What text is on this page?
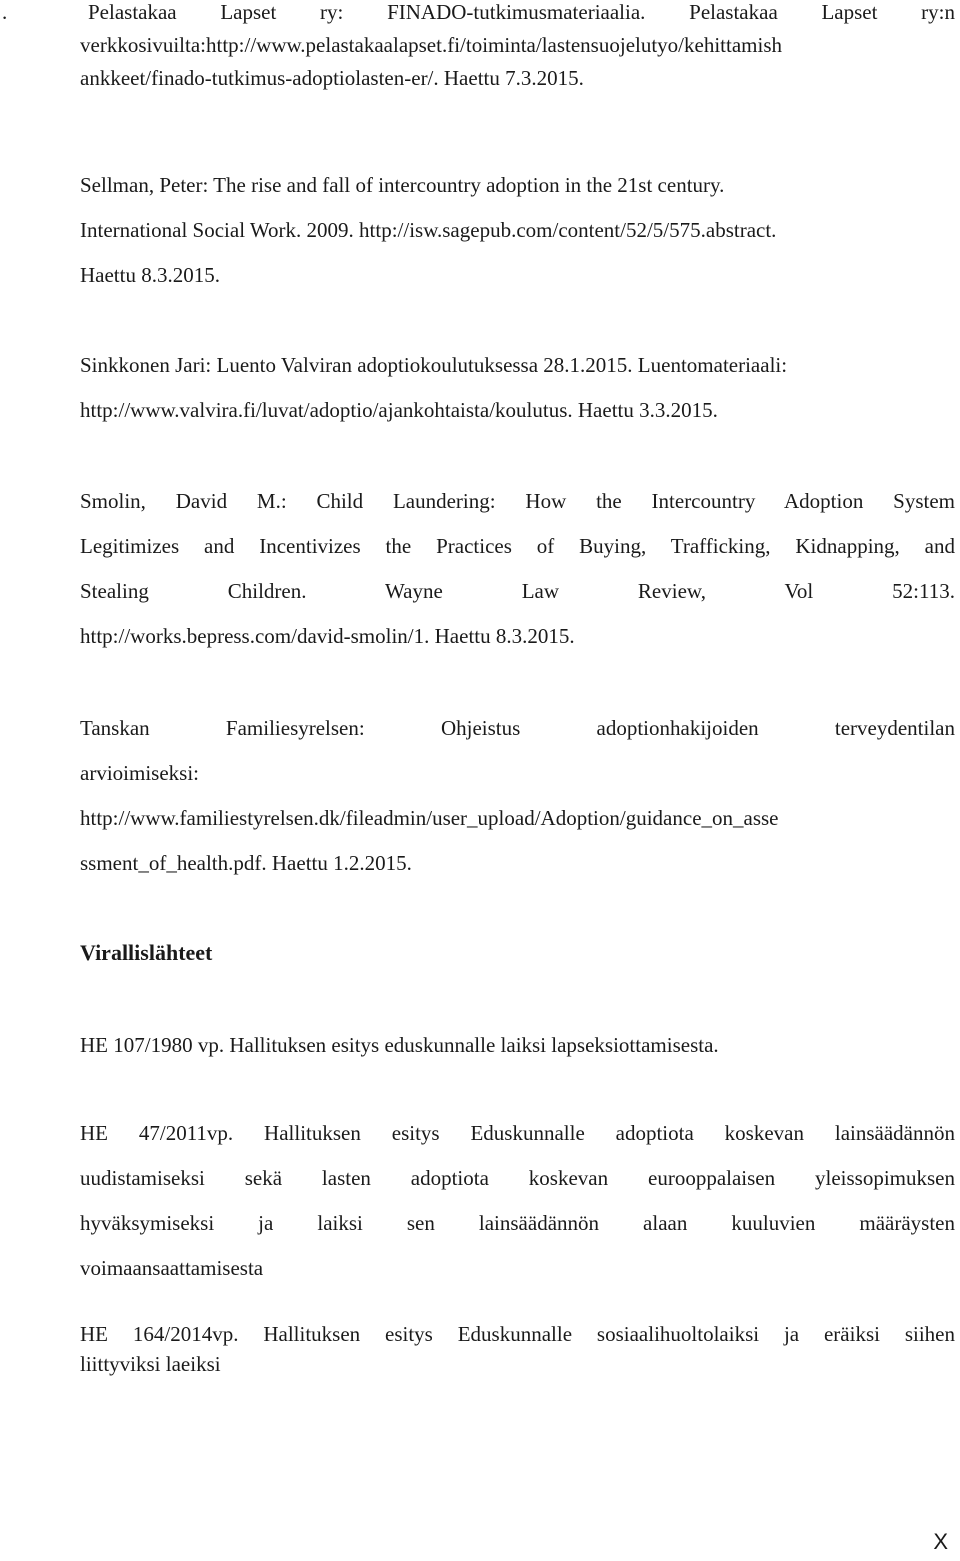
.	Pelastakaa Lapset ry: FINADO-tutkimusmateriaalia. Pelastakaa Lapset ry:n
verkkosivuilta:http://www.pelastakaalapset.fi/toiminta/lastensuojelutyo/kehittamish
ankkeet/finado-tutkimus-adoptiolasten-er/. Haettu 7.3.2015.
Sellman, Peter: The rise and fall of intercountry adoption in the 21st century.
International Social Work. 2009. http://isw.sagepub.com/content/52/5/575.abstract.
Haettu 8.3.2015.
Sinkkonen Jari: Luento Valviran adoptiokoulutuksessa 28.1.2015. Luentomateriaali:
http://www.valvira.fi/luvat/adoptio/ajankohtaista/koulutus. Haettu 3.3.2015.
Smolin, David M.: Child Laundering: How the Intercountry Adoption System
Legitimizes and Incentivizes the Practices of Buying, Trafficking, Kidnapping, and
Stealing Children. Wayne Law Review, Vol 52:113.
http://works.bepress.com/david-smolin/1. Haettu 8.3.2015.
Tanskan Familiesyrelsen: Ohjeistus adoptionhakijoiden terveydentilan
arvioimiseksi:
http://www.familiestyrelsen.dk/fileadmin/user_upload/Adoption/guidance_on_asse
ssment_of_health.pdf. Haettu 1.2.2015.
Virallislähteet
HE 107/1980 vp. Hallituksen esitys eduskunnalle laiksi lapseksiottamisesta.
HE 47/2011vp. Hallituksen esitys Eduskunnalle adoptiota koskevan lainsäädännön
uudistamiseksi sekä lasten adoptiota koskevan eurooppalaisen yleissopimuksen
hyväksymiseksi ja laiksi sen lainsäädännön alaan kuuluvien määräysten
voimaansaattamisesta
HE 164/2014vp. Hallituksen esitys Eduskunnalle sosiaalihuoltolaiksi ja eräiksi siihen
liittyviksi laeiksi
X
